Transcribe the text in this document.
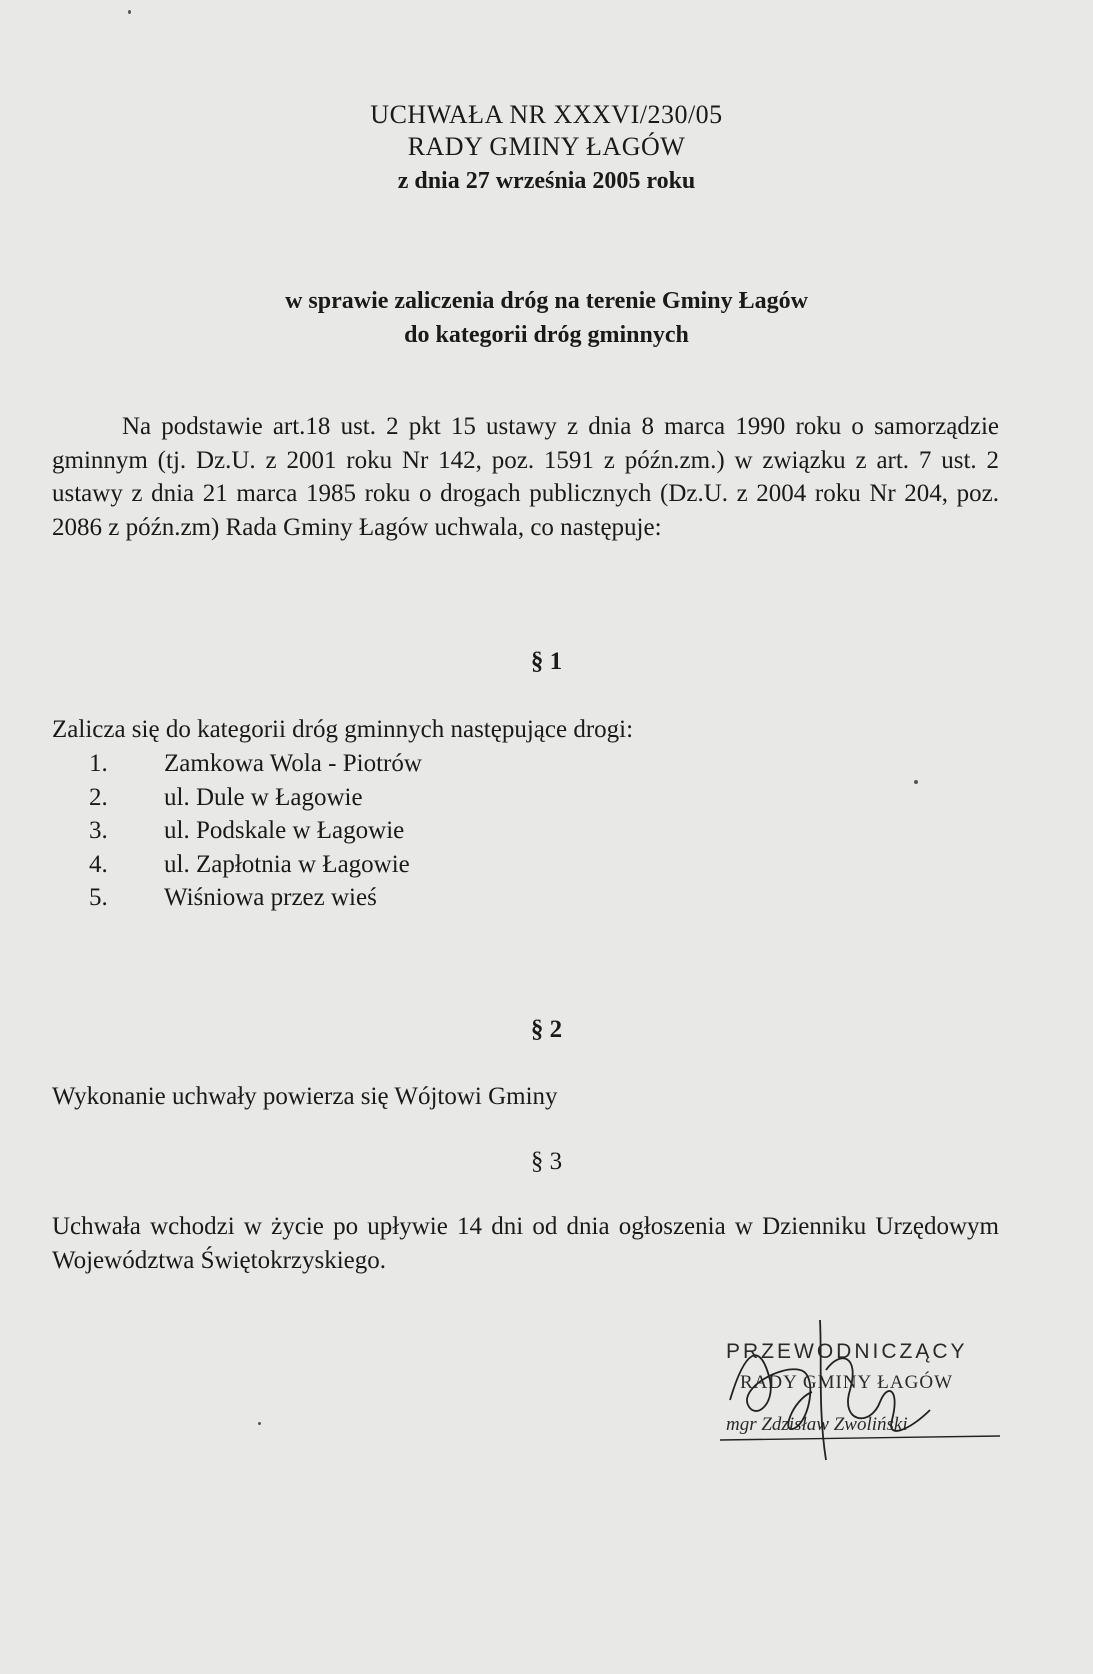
UCHWAŁA NR XXXVI/230/05
RADY GMINY ŁAGÓW
z dnia 27 września 2005 roku
w sprawie zaliczenia dróg na terenie Gminy Łagów
do kategorii dróg gminnych
Na podstawie art.18 ust. 2 pkt 15 ustawy z dnia 8 marca 1990 roku o samorządzie gminnym (tj. Dz.U. z 2001 roku Nr 142, poz. 1591 z późn.zm.) w związku z art. 7 ust. 2 ustawy z dnia 21 marca 1985 roku o drogach publicznych (Dz.U. z 2004 roku Nr 204, poz. 2086 z późn.zm) Rada Gminy Łagów uchwala, co następuje:
§ 1
Zalicza się do kategorii dróg gminnych następujące drogi:
1.	Zamkowa Wola - Piotrów
2.	ul. Dule w Łagowie
3.	ul. Podskale w Łagowie
4.	ul. Zapłotnia w Łagowie
5.	Wiśniowa przez wieś
§ 2
Wykonanie uchwały powierza się Wójtowi Gminy
§ 3
Uchwała wchodzi w życie po upływie 14 dni od dnia ogłoszenia w Dzienniku Urzędowym Województwa Świętokrzyskiego.
PRZEWODNICZĄCY
RADY GMINY ŁAGÓW
mgr Zdzisław Zwoliński
